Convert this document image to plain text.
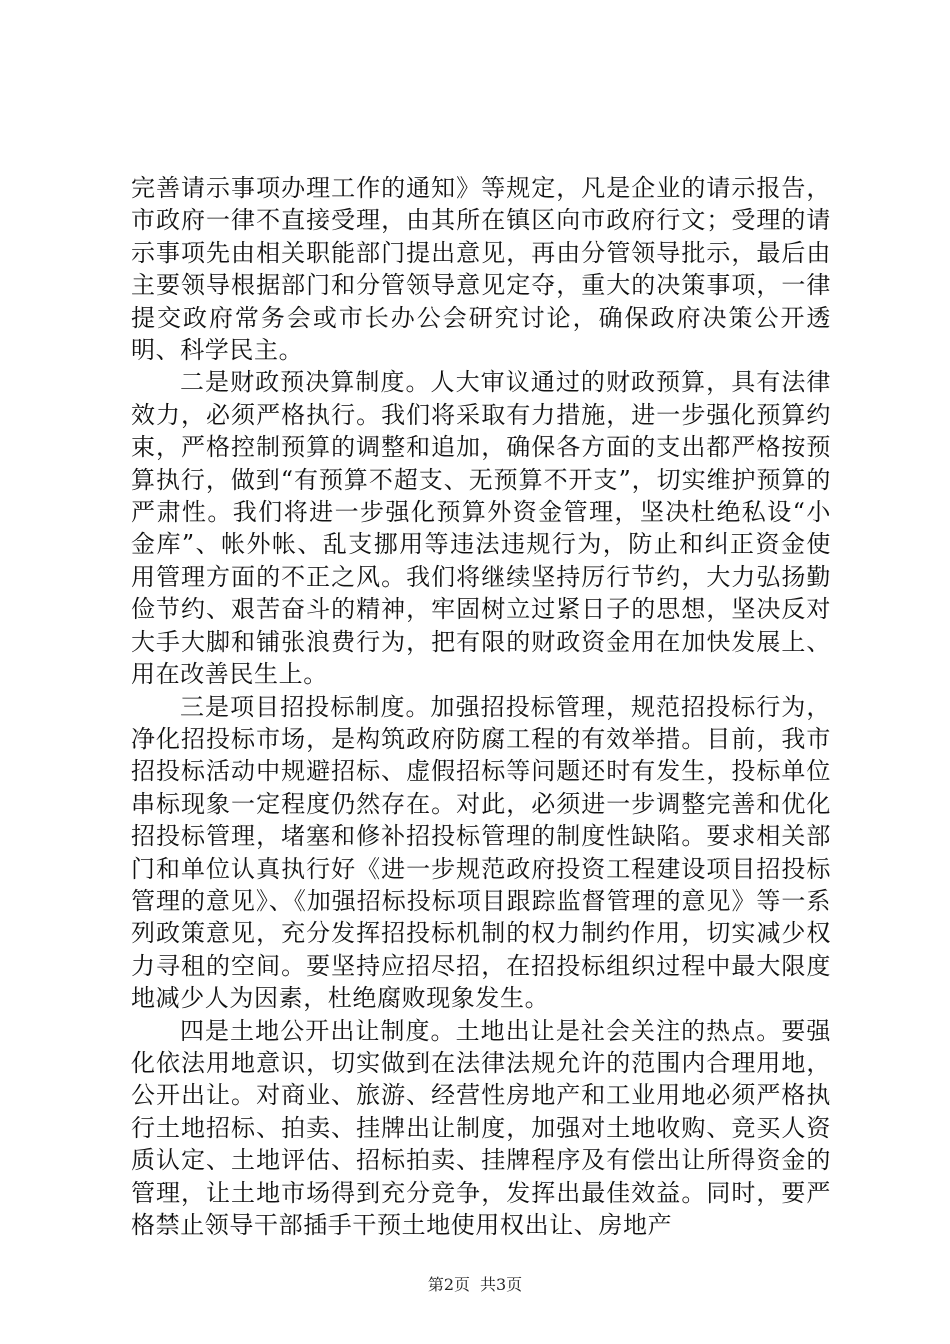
完善请示事项办理工作的通知》等规定，凡是企业的请示报告，市政府一律不直接受理，由其所在镇区向市政府行文；受理的请示事项先由相关职能部门提出意见，再由分管领导批示，最后由主要领导根据部门和分管领导意见定夺，重大的决策事项，一律提交政府常务会或市长办公会研究讨论，确保政府决策公开透明、科学民主。

二是财政预决算制度。人大审议通过的财政预算，具有法律效力，必须严格执行。我们将采取有力措施，进一步强化预算约束，严格控制预算的调整和追加，确保各方面的支出都严格按预算执行，做到“有预算不超支、无预算不开支”，切实维护预算的严肃性。我们将进一步强化预算外资金管理，坚决杜绝私设“小金库”、帐外帐、乱支挪用等违法违规行为，防止和纠正资金使用管理方面的不正之风。我们将继续坚持厉行节约，大力弘扬勤俭节约、艰苦奋斗的精神，牢固树立过紧日子的思想，坚决反对大手大脚和铺张浪费行为，把有限的财政资金用在加快发展上、用在改善民生上。

三是项目招投标制度。加强招投标管理，规范招投标行为，净化招投标市场，是构筑政府防腐工程的有效举措。目前，我市招投标活动中规避招标、虚假招标等问题还时有发生，投标单位串标现象一定程度仍然存在。对此，必须进一步调整完善和优化招投标管理，堵塞和修补招投标管理的制度性缺陷。要求相关部门和单位认真执行好《进一步规范政府投资工程建设项目招投标管理的意见》、《加强招标投标项目跟踪监督管理的意见》等一系列政策意见，充分发挥招投标机制的权力制约作用，切实减少权力寻租的空间。要坚持应招尽招，在招投标组织过程中最大限度地减少人为因素，杜绝腐败现象发生。

四是土地公开出让制度。土地出让是社会关注的热点。要强化依法用地意识，切实做到在法律法规允许的范围内合理用地，公开出让。对商业、旅游、经营性房地产和工业用地必须严格执行土地招标、拍卖、挂牌出让制度，加强对土地收购、竞买人资质认定、土地评估、招标拍卖、挂牌程序及有偿出让所得资金的管理，让土地市场得到充分竞争，发挥出最佳效益。同时，要严格禁止领导干部插手干预土地使用权出让、房地产

第2页 共3页
